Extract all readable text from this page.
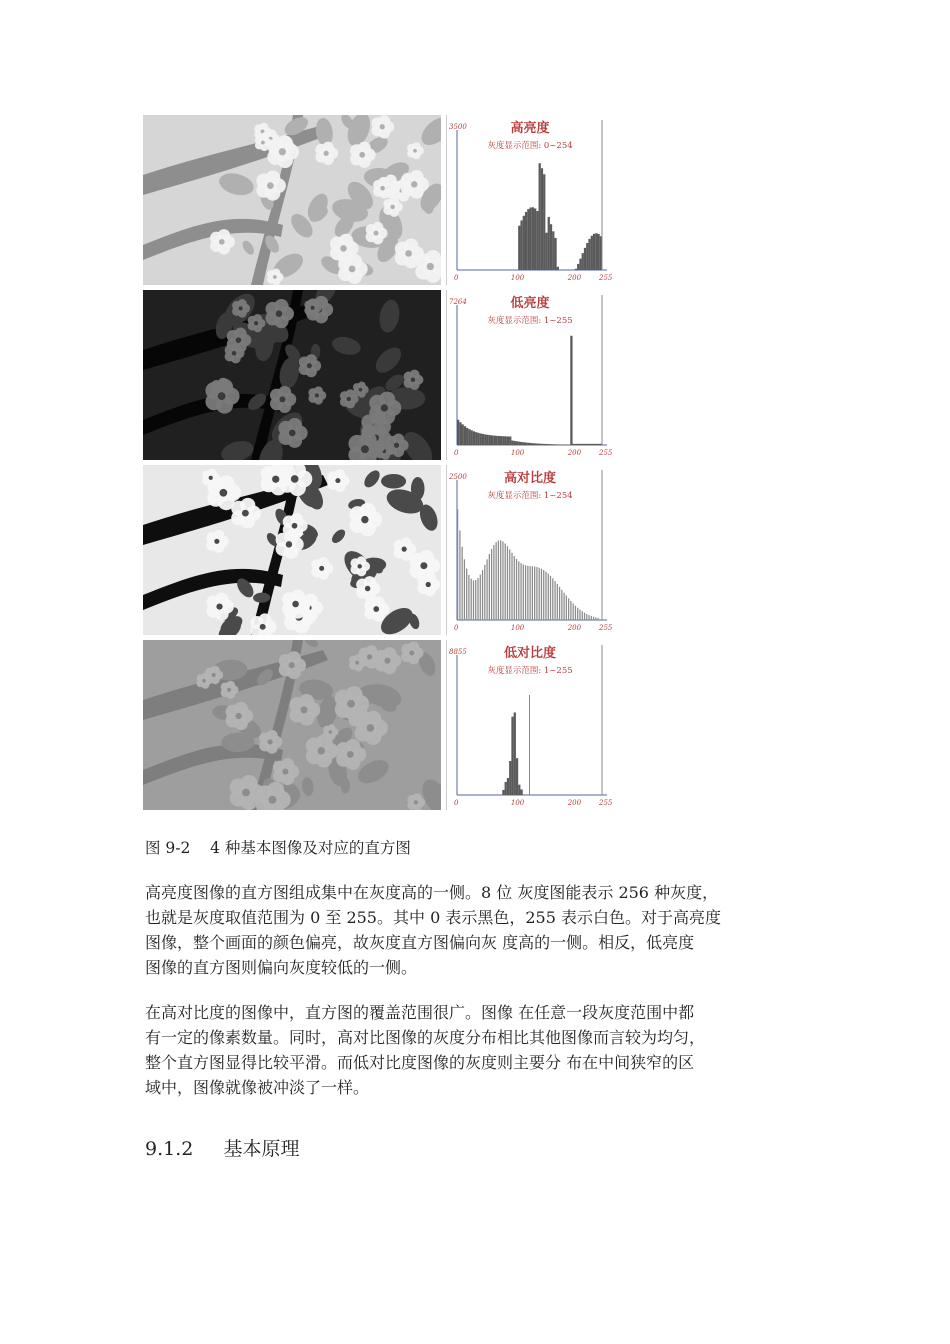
高亮度
灰度显示范围: 0~254
3500
0	100	200	255
低亮度
灰度显示范围: 1~255
7264
0	100	200	255
高对比度
灰度显示范围: 1~254
2500
0	100	200	255
低对比度
灰度显示范围: 1~255
8855
0	100	200	255
图 9-2    4 种基本图像及对应的直方图
高亮度图像的直方图组成集中在灰度高的一侧。8 位 灰度图能表示 256 种灰度，
也就是灰度取值范围为 0 至 255。其中 0 表示黑色，255 表示白色。对于高亮度
图像，整个画面的颜色偏亮，故灰度直方图偏向灰 度高的一侧。相反，低亮度
图像的直方图则偏向灰度较低的一侧。
在高对比度的图像中，直方图的覆盖范围很广。图像 在任意一段灰度范围中都
有一定的像素数量。同时，高对比图像的灰度分布相比其他图像而言较为均匀，
整个直方图显得比较平滑。而低对比度图像的灰度则主要分 布在中间狭窄的区
域中，图像就像被冲淡了一样。
9.1.2     基本原理
